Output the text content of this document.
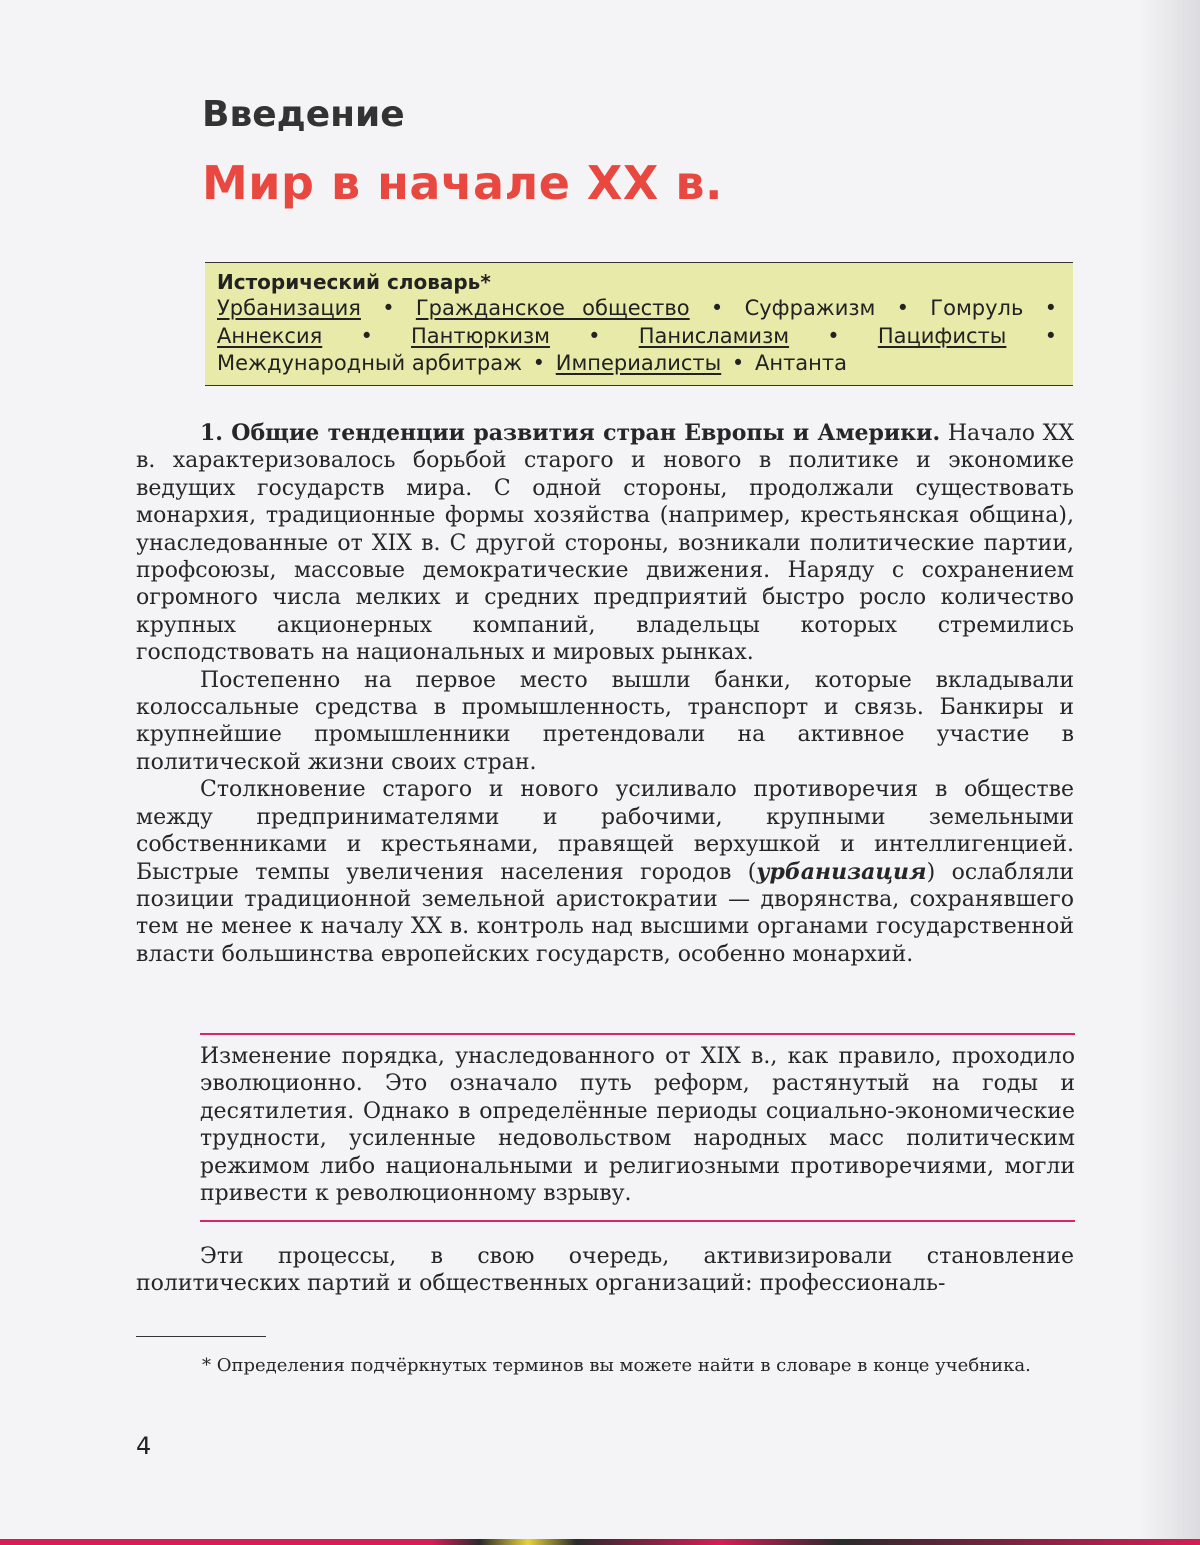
Введение
Мир в начале XX в.
Исторический словарь*
Урбанизация • Гражданское общество • Суфражизм • Гомруль • Аннексия • Пантюркизм • Панисламизм • Пацифисты • Международный арбитраж • Империалисты • Антанта

1. Общие тенденции развития стран Европы и Америки. Начало XX в. характеризовалось борьбой старого и нового в политике и экономике ведущих государств мира. С одной стороны, продолжали существовать монархия, традиционные формы хозяйства (например, крестьянская община), унаследованные от XIX в. С другой стороны, возникали политические партии, профсоюзы, массовые демократические движения. Наряду с сохранением огромного числа мелких и средних предприятий быстро росло количество крупных акционерных компаний, владельцы которых стремились господствовать на национальных и мировых рынках.

Постепенно на первое место вышли банки, которые вкладывали колоссальные средства в промышленность, транспорт и связь. Банкиры и крупнейшие промышленники претендовали на активное участие в политической жизни своих стран.

Столкновение старого и нового усиливало противоречия в обществе между предпринимателями и рабочими, крупными земельными собственниками и крестьянами, правящей верхушкой и интеллигенцией. Быстрые темпы увеличения населения городов (урбанизация) ослабляли позиции традиционной земельной аристократии — дворянства, сохранявшего тем не менее к началу XX в. контроль над высшими органами государственной власти большинства европейских государств, особенно монархий.

Изменение порядка, унаследованного от XIX в., как правило, проходило эволюционно. Это означало путь реформ, растянутый на годы и десятилетия. Однако в определённые периоды социально-экономические трудности, усиленные недовольством народных масс политическим режимом либо национальными и религиозными противоречиями, могли привести к революционному взрыву.

Эти процессы, в свою очередь, активизировали становление политических партий и общественных организаций: профессиональ-

* Определения подчёркнутых терминов вы можете найти в словаре в конце учебника.
4
